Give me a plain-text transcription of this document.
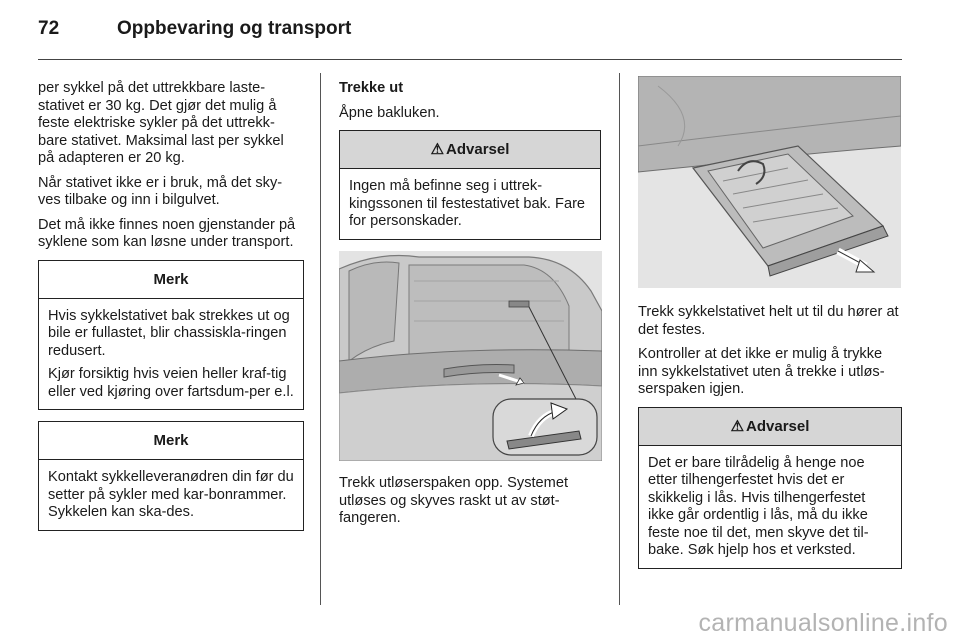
72	Oppbevaring og transport

per sykkel på det uttrekkbare laste-stativet er 30 kg. Det gjør det mulig å feste elektriske sykler på det uttrekk-bare stativet. Maksimal last per sykkel på adapteren er 20 kg.

Når stativet ikke er i bruk, må det sky-ves tilbake og inn i bilgulvet.

Det må ikke finnes noen gjenstander på syklene som kan løsne under transport.

Merk

Hvis sykkelstativet bak strekkes ut og bile er fullastet, blir chassiskla-ringen redusert.

Kjør forsiktig hvis veien heller kraf-tig eller ved kjøring over fartsdum-per e.l.

Merk

Kontakt sykkelleveranødren din før du setter på sykler med kar-bonrammer. Sykkelen kan ska-des.

Trekke ut

Åpne bakluken.

⚠ Advarsel
Ingen må befinne seg i uttrek-kingssonen til festestativet bak. Fare for personskader.

Trekk utløserspaken opp. Systemet utløses og skyves raskt ut av støt-fangeren.

Trekk sykkelstativet helt ut til du hører at det festes.

Kontroller at det ikke er mulig å trykke inn sykkelstativet uten å trekke i utløs-serspaken igjen.

⚠ Advarsel
Det er bare tilrådelig å henge noe etter tilhengerfestet hvis det er skikkelig i lås. Hvis tilhengerfestet ikke går ordentlig i lås, må du ikke feste noe til det, men skyve det til-bake. Søk hjelp hos et verksted.
carmanualsonline.info
